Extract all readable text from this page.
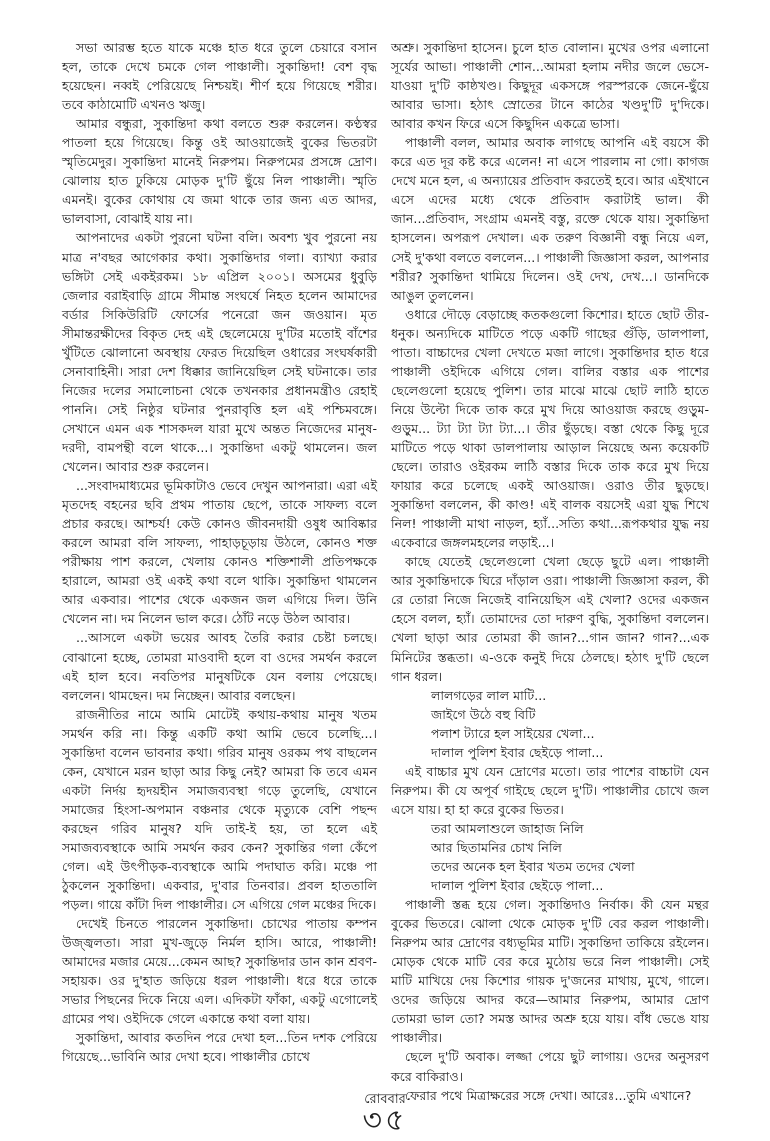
সভা আরম্ভ হতে যাকে মঞ্চে হাত ধরে তুলে চেয়ারে বসান হল, তাকে দেখে চমকে গেল পাঞ্চালী। সুকান্তিদা! বেশ বৃদ্ধ হয়েছেন। নব্বই পেরিয়েছে নিশ্চয়ই। শীর্ণ হয়ে গিয়েছে শরীর। তবে কাঠামোটি এখনও ঋজু।

আমার বন্ধুরা, সুকান্তিদা কথা বলতে শুরু করলেন। কণ্ঠস্বর পাতলা হয়ে গিয়েছে। কিন্তু ওই আওয়াজেই বুকের ভিতরটা স্মৃতিমেদুর। সুকান্তিদা মানেই নিরুপম। নিরুপমের প্রসঙ্গে দ্রোণ। ঝোলায় হাত ঢুকিয়ে মোড়ক দু'টি ছুঁয়ে নিল পাঞ্চালী। স্মৃতি এমনই। বুকের কোথায় যে জমা থাকে তার জন্য এত আদর, ভালবাসা, বোঝাই যায় না।

আপনাদের একটা পুরনো ঘটনা বলি। অবশ্য খুব পুরনো নয় মাত্র ন'বছর আগেকার কথা। সুকান্তিদার গলা। ব্যাখ্যা করার ভঙ্গিটা সেই একইরকম। ১৮ এপ্রিল ২০০১। অসমের ধুবুড়ি জেলার বরাইবাড়ি গ্রামে সীমান্ত সংঘর্ষে নিহত হলেন আমাদের বর্ডার সিকিউরিটি ফোর্সের পনেরো জন জওয়ান। মৃত সীমান্তরক্ষীদের বিকৃত দেহ এই ছেলেমেয়ে দু'টির মতোই বাঁশের খুঁটিতে ঝোলানো অবস্থায় ফেরত দিয়েছিল ওধারের সংঘর্ষকারী সেনাবাহিনী। সারা দেশ ধিক্কার জানিয়েছিল সেই ঘটনাকে। তার নিজের দলের সমালোচনা থেকে তখনকার প্রধানমন্ত্রীও রেহাই পাননি। সেই নিষ্ঠুর ঘটনার পুনরাবৃত্তি হল এই পশ্চিমবঙ্গে। সেখানে এমন এক শাসকদল যারা মুখে অন্তত নিজেদের মানুষ-দরদী, বামপন্থী বলে থাকে...। সুকান্তিদা একটু থামলেন। জল খেলেন। আবার শুরু করলেন।

...সংবাদমাধ্যমের ভূমিকাটাও ভেবে দেখুন আপনারা। এরা এই মৃতদেহ বহনের ছবি প্রথম পাতায় ছেপে, তাকে সাফল্য বলে প্রচার করছে। আশ্চর্য! কেউ কোনও জীবনদায়ী ওষুধ আবিষ্কার করলে আমরা বলি সাফল্য, পাহাড়চূড়ায় উঠলে, কোনও শক্ত পরীক্ষায় পাশ করলে, খেলায় কোনও শক্তিশালী প্রতিপক্ষকে হারালে, আমরা ওই একই কথা বলে থাকি। সুকান্তিদা থামলেন আর একবার। পাশের থেকে একজন জল এগিয়ে দিল। উনি খেলেন না। দম নিলেন ভাল করে। ঠোঁট নড়ে উঠল আবার।

...আসলে একটা ভয়ের আবহ তৈরি করার চেষ্টা চলছে। বোঝানো হচ্ছে, তোমরা মাওবাদী হলে বা ওদের সমর্থন করলে এই হাল হবে। নবতিপর মানুষটিকে যেন বলায় পেয়েছে। বললেন। থামছেন। দম নিচ্ছেন। আবার বলছেন।

রাজনীতির নামে আমি মোটেই কথায়-কথায় মানুষ খতম সমর্থন করি না। কিন্তু একটি কথা আমি ভেবে চলেছি...। সুকান্তিদা বলেন ভাবনার কথা। গরিব মানুষ ওরকম পথ বাছলেন কেন, যেখানে মরন ছাড়া আর কিছু নেই? আমরা কি তবে এমন একটা নির্দয় হৃদয়হীন সমাজব্যবস্থা গড়ে তুলেছি, যেখানে সমাজের হিংসা-অপমান বঞ্চনার থেকে মৃত্যুকে বেশি পছন্দ করছেন গরিব মানুষ? যদি তাই-ই হয়, তা হলে এই সমাজব্যবস্থাকে আমি সমর্থন করব কেন? সুকান্তির গলা কেঁপে গেল। এই উৎপীড়ক-ব্যবস্থাকে আমি পদাঘাত করি। মঞ্চে পা ঠুকলেন সুকান্তিদা। একবার, দু'বার তিনবার। প্রবল হাততালি পড়ল। গায়ে কাঁটা দিল পাঞ্চালীর। সে এগিয়ে গেল মঞ্চের দিকে।

দেখেই চিনতে পারলেন সুকান্তিদা। চোখের পাতায় কম্পন উজ্জ্বলতা। সারা মুখ-জুড়ে নির্মল হাসি। আরে, পাঞ্চালী! আমাদের মজার মেয়ে...কেমন আছ? সুকান্তিদার ডান কান শ্রবণ-সহায়ক। ওর দু'হাত জড়িয়ে ধরল পাঞ্চালী। ধরে ধরে তাকে সভার পিছনের দিকে নিয়ে এল। এদিকটা ফাঁকা, একটু এগোলেই গ্রামের পথ। ওইদিকে গেলে একান্তে কথা বলা যায়।

সুকান্তিদা, আবার কতদিন পরে দেখা হল...তিন দশক পেরিয়ে গিয়েছে...ভাবিনি আর দেখা হবে। পাঞ্চালীর চোখে

অশ্রু। সুকান্তিদা হাসেন। চুলে হাত বোলান। মুখের ওপর এলানো সূর্যের আভা। পাঞ্চালী শোন...আমরা হলাম নদীর জলে ভেসে-যাওয়া দু'টি কাষ্ঠখণ্ড। কিছুদূর একসঙ্গে পরস্পরকে জেনে-ছুঁয়ে আবার ভাসা। হঠাৎ স্রোতের টানে কাঠের খণ্ডদু'টি দু'দিকে। আবার কখন ফিরে এসে কিছুদিন একত্রে ভাসা।

পাঞ্চালী বলল, আমার অবাক লাগছে আপনি এই বয়সে কী করে এত দূর কষ্ট করে এলেন! না এসে পারলাম না গো। কাগজ দেখে মনে হল, এ অন্যায়ের প্রতিবাদ করতেই হবে। আর এইখানে এসে এদের মধ্যে থেকে প্রতিবাদ করাটাই ভাল। কী জান...প্রতিবাদ, সংগ্রাম এমনই বস্তু, রক্তে থেকে যায়। সুকান্তিদা হাসলেন। অপরূপ দেখাল। এক তরুণ বিজ্ঞানী বন্ধু নিয়ে এল, সেই দু'কথা বলতে বললেন...। পাঞ্চালী জিজ্ঞাসা করল, আপনার শরীর? সুকান্তিদা থামিয়ে দিলেন। ওই দেখ, দেখ...। ডানদিকে আঙুল তুললেন।

ওধারে দৌড়ে বেড়াচ্ছে কতকগুলো কিশোর। হাতে ছোট তীর-ধনুক। অন্যদিকে মাটিতে পড়ে একটি গাছের গুঁড়ি, ডালপালা, পাতা। বাচ্চাদের খেলা দেখতে মজা লাগে। সুকান্তিদার হাত ধরে পাঞ্চালী ওইদিকে এগিয়ে গেল। বালির বস্তার এক পাশের ছেলেগুলো হয়েছে পুলিশ। তার মাঝে মাঝে ছোট লাঠি হাতে নিয়ে উল্টো দিকে তাক করে মুখ দিয়ে আওয়াজ করছে গুড়ুম-গুড়ুম... ট্যা ট্যা ট্যা ট্যা...। তীর ছুঁড়ছে। বস্তা থেকে কিছু দূরে মাটিতে পড়ে থাকা ডালপালায় আড়াল নিয়েছে অন্য কয়েকটি ছেলে। তারাও ওইরকম লাঠি বস্তার দিকে তাক করে মুখ দিয়ে ফায়ার করে চলেছে একই আওয়াজ। ওরাও তীর ছুড়ছে। সুকান্তিদা বললেন, কী কাণ্ড! এই বালক বয়সেই এরা যুদ্ধ শিখে নিল! পাঞ্চালী মাথা নাড়ল, হ্যাঁ...সত্যি কথা...রূপকথার যুদ্ধ নয় একেবারে জঙ্গলমহলের লড়াই...।

কাছে যেতেই ছেলেগুলো খেলা ছেড়ে ছুটে এল। পাঞ্চালী আর সুকান্তিদাকে ঘিরে দাঁড়াল ওরা। পাঞ্চালী জিজ্ঞাসা করল, কী রে তোরা নিজে নিজেই বানিয়েছিস এই খেলা? ওদের একজন হেসে বলল, হ্যাঁ। তোমাদের তো দারুণ বুদ্ধি, সুকান্তিদা বললেন। খেলা ছাড়া আর তোমরা কী জান?...গান জান? গান?...এক মিনিটের স্তব্ধতা। এ-ওকে কনুই দিয়ে ঠেলছে। হঠাৎ দু'টি ছেলে গান ধরল।

লালগড়ের লাল মাটি...

জাইগে উঠে বহু বিটি

পলাশ ট্যারে হল সাইয়ের খেলা...

দালাল পুলিশ ইবার ছেইড়ে পালা...

এই বাচ্চার মুখ যেন দ্রোণের মতো। তার পাশের বাচ্চাটা যেন নিরুপম। কী যে অপূর্ব গাইছে ছেলে দু'টি। পাঞ্চালীর চোখে জল এসে যায়। হা হা করে বুকের ভিতর।

তরা আমলাশুলে জাহাজ নিলি

আর ছিতামনির চোখ নিলি

তদের অনেক হল ইবার খতম তদের খেলা

দালাল পুলিশ ইবার ছেইড়ে পালা...

পাঞ্চালী স্তব্ধ হয়ে গেল। সুকান্তিদাও নির্বাক। কী যেন মন্থর বুকের ভিতরে। ঝোলা থেকে মোড়ক দু'টি বের করল পাঞ্চালী। নিরুপম আর দ্রোণের বধ্যভূমির মাটি। সুকান্তিদা তাকিয়ে রইলেন। মোড়ক থেকে মাটি বের করে মুঠোয় ভরে নিল পাঞ্চালী। সেই মাটি মাখিয়ে দেয় কিশোর গায়ক দু'জনের মাথায়, মুখে, গালে। ওদের জড়িয়ে আদর করে—আমার নিরুপম, আমার দ্রোণ তোমরা ভাল তো? সমস্ত আদর অশ্রু হয়ে যায়। বাঁধ ভেঙে যায় পাঞ্চালীর।

ছেলে দু'টি অবাক। লজ্জা পেয়ে ছুট লাগায়। ওদের অনুসরণ করে বাকিরাও।

ফেরার পথে মিত্রাক্ষরের সঙ্গে দেখা। আরেঃ...তুমি এখানে?

রোববার
৩৫
